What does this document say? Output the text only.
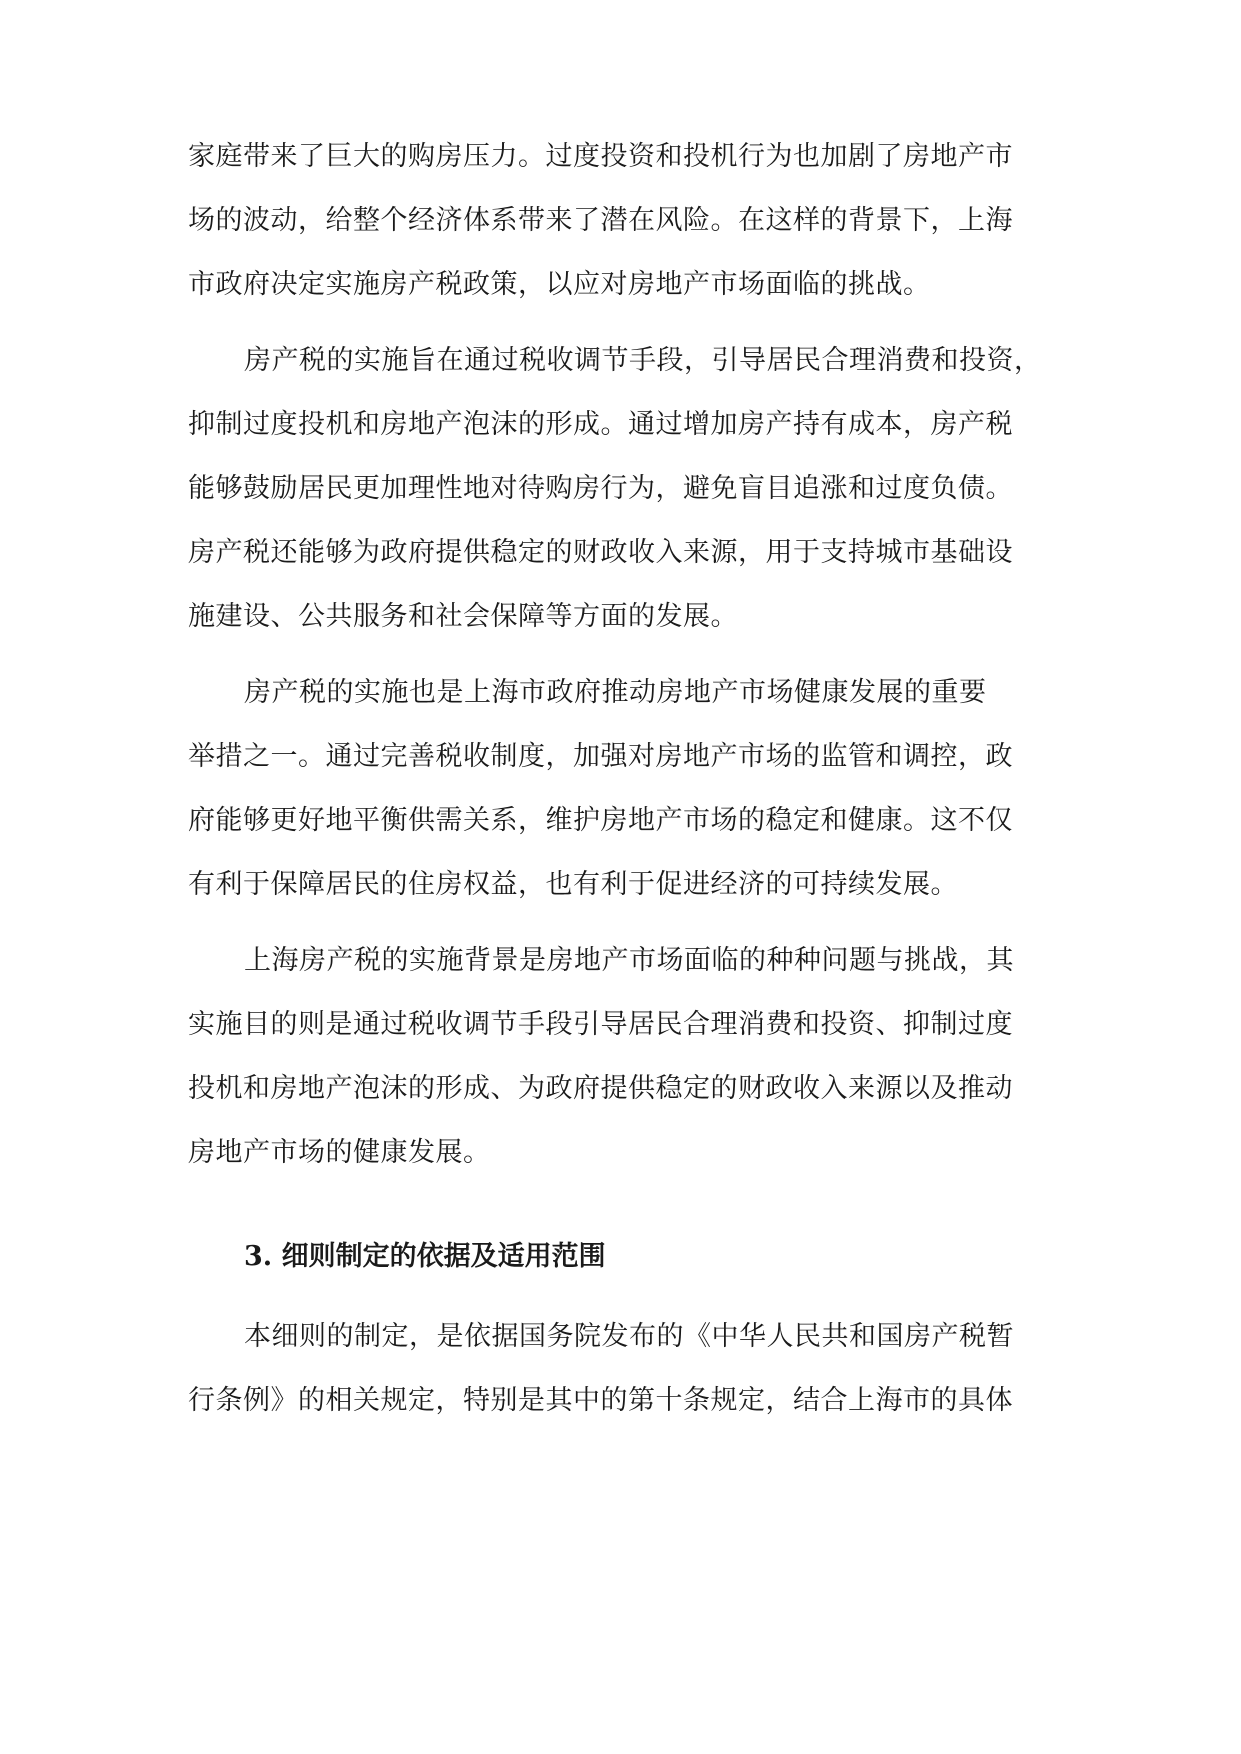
家庭带来了巨大的购房压力。过度投资和投机行为也加剧了房地产市
场的波动，给整个经济体系带来了潜在风险。在这样的背景下，上海
市政府决定实施房产税政策，以应对房地产市场面临的挑战。
房产税的实施旨在通过税收调节手段，引导居民合理消费和投资，
抑制过度投机和房地产泡沫的形成。通过增加房产持有成本，房产税
能够鼓励居民更加理性地对待购房行为，避免盲目追涨和过度负债。
房产税还能够为政府提供稳定的财政收入来源，用于支持城市基础设
施建设、公共服务和社会保障等方面的发展。
房产税的实施也是上海市政府推动房地产市场健康发展的重要
举措之一。通过完善税收制度，加强对房地产市场的监管和调控，政
府能够更好地平衡供需关系，维护房地产市场的稳定和健康。这不仅
有利于保障居民的住房权益，也有利于促进经济的可持续发展。
上海房产税的实施背景是房地产市场面临的种种问题与挑战，其
实施目的则是通过税收调节手段引导居民合理消费和投资、抑制过度
投机和房地产泡沫的形成、为政府提供稳定的财政收入来源以及推动
房地产市场的健康发展。
3. 细则制定的依据及适用范围
本细则的制定，是依据国务院发布的《中华人民共和国房产税暂
行条例》的相关规定，特别是其中的第十条规定，结合上海市的具体
